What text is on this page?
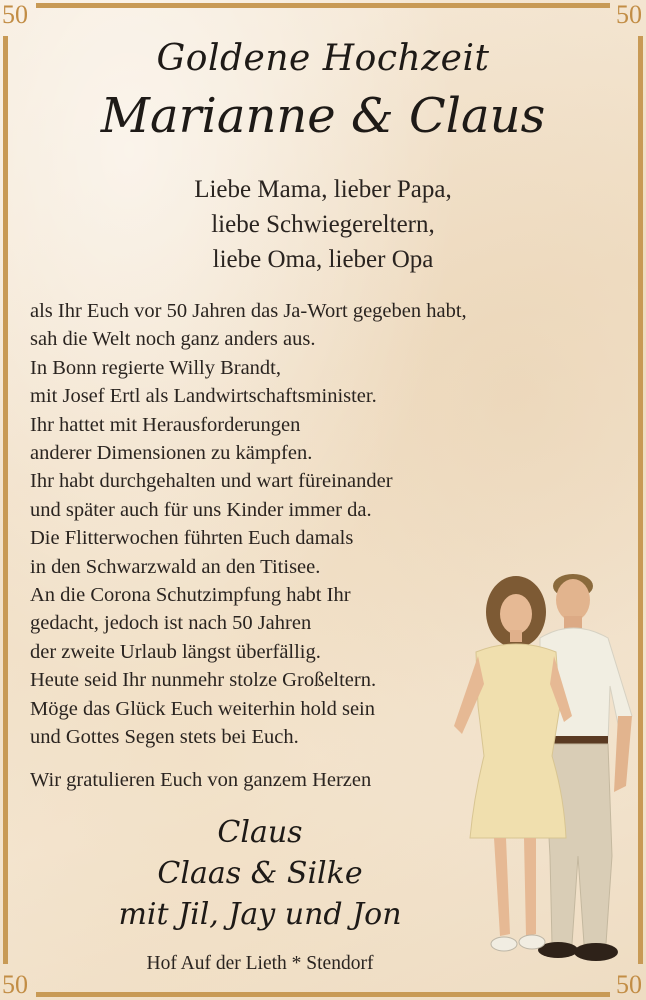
50	50
50	50
Goldene Hochzeit
Marianne & Claus
Liebe Mama, lieber Papa,
liebe Schwiegereltern,
liebe Oma, lieber Opa
als Ihr Euch vor 50 Jahren das Ja-Wort gegeben habt,
sah die Welt noch ganz anders aus.
In Bonn regierte Willy Brandt,
mit Josef Ertl als Landwirtschaftsminister.
Ihr hattet mit Herausforderungen
anderer Dimensionen zu kämpfen.
Ihr habt durchgehalten und wart füreinander
und später auch für uns Kinder immer da.
Die Flitterwochen führten Euch damals
in den Schwarzwald an den Titisee.
An die Corona Schutzimpfung habt Ihr
gedacht, jedoch ist nach 50 Jahren
der zweite Urlaub längst überfällig.
Heute seid Ihr nunmehr stolze Großeltern.
Möge das Glück Euch weiterhin hold sein
und Gottes Segen stets bei Euch.
Wir gratulieren Euch von ganzem Herzen
Claus
Claas & Silke
mit Jil, Jay und Jon
Hof Auf der Lieth * Stendorf
